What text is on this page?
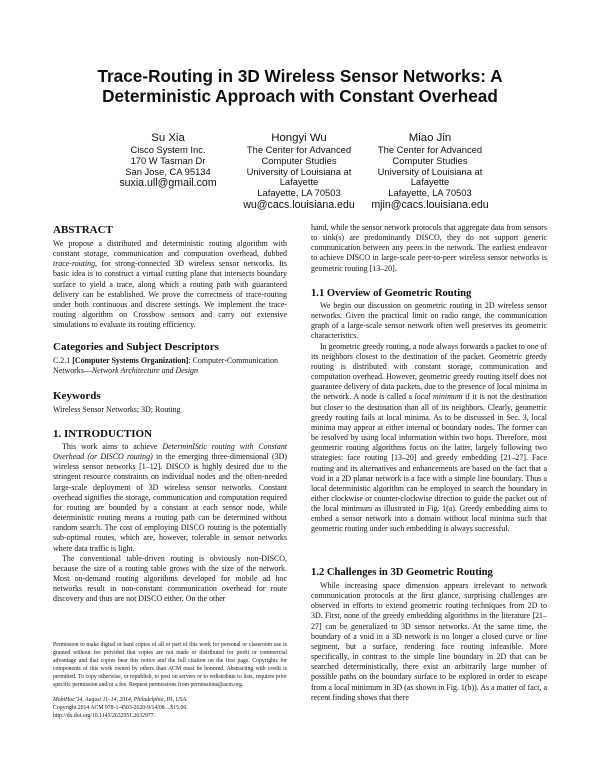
Trace-Routing in 3D Wireless Sensor Networks: A
Deterministic Approach with Constant Overhead
Su Xia
Cisco System Inc.
170 W Tasman Dr
San Jose, CA 95134
suxia.ull@gmail.com
Hongyi Wu
The Center for Advanced
Computer Studies
University of Louisiana at
Lafayette
Lafayette, LA 70503
wu@cacs.louisiana.edu
Miao Jin
The Center for Advanced
Computer Studies
University of Louisiana at
Lafayette
Lafayette, LA 70503
mjin@cacs.louisiana.edu
ABSTRACT

We propose a distributed and deterministic routing algorithm with constant storage, communication and computation overhead, dubbed trace-routing, for strong-connected 3D wireless sensor networks. Its basic idea is to construct a virtual cutting plane that intersects boundary surface to yield a trace, along which a routing path with guaranteed delivery can be established. We prove the correctness of trace-routing under both continuous and discrete settings. We implement the trace-routing algorithm on Crossbow sensors and carry out extensive simulations to evaluate its routing efficiency.

Categories and Subject Descriptors

C.2.1 [Computer Systems Organization]: Computer-Communication Networks—Network Architecture and Design

Keywords

Wireless Sensor Networks; 3D; Routing

1. INTRODUCTION

This work aims to achieve DeterminIStic routing with Constant Overhead (or DISCO routing) in the emerging three-dimensional (3D) wireless sensor networks [1–12]. DISCO is highly desired due to the stringent resource constraints on individual nodes and the often-needed large-scale deployment of 3D wireless sensor networks. Constant overhead signifies the storage, communication and computation required for routing are bounded by a constant at each sensor node, while deterministic routing means a routing path can be determined without random search. The cost of employing DISCO routing is the potentially sub-optimal routes, which are, however, tolerable in sensor networks where data traffic is light.

The conventional table-driven routing is obviously non-DISCO, because the size of a routing table grows with the size of the network. Most on-demand routing algorithms developed for mobile ad hoc networks result in non-constant communication overhead for route discovery and thus are not DISCO either. On the other

Permission to make digital or hard copies of all or part of this work for personal or classroom use is granted without fee provided that copies are not made or distributed for profit or commercial advantage and that copies bear this notice and the full citation on the first page. Copyrights for components of this work owned by others than ACM must be honored. Abstracting with credit is permitted. To copy otherwise, or republish, to post on servers or to redistribute to lists, requires prior specific permission and/or a fee. Request permissions from permissions@acm.org.
MobiHoc’14, August 11–14, 2014, Philadelphia, PA, USA.
Copyright 2014 ACM 978-1-4503-2620-9/14/08 ...$15.00.
http://dx.doi.org/10.1145/2632951.2632977.

hand, while the sensor network protocols that aggregate data from sensors to sink(s) are predominantly DISCO, they do not support generic communication between any peers in the network. The earliest endeavor to achieve DISCO in large-scale peer-to-peer wireless sensor networks is geometric routing [13–20].

1.1 Overview of Geometric Routing

We begin our discussion on geometric routing in 2D wireless sensor networks. Given the practical limit on radio range, the communication graph of a large-scale sensor network often well preserves its geometric characteristics.

In geometric greedy routing, a node always forwards a packet to one of its neighbors closest to the destination of the packet. Geometric greedy routing is distributed with constant storage, communication and computation overhead. However, geometric greedy routing itself does not guarantee delivery of data packets, due to the presence of local minima in the network. A node is called a local minimum if it is not the destination but closer to the destination than all of its neighbors. Clearly, geometric greedy routing fails at local minima. As to be discussed in Sec. 3, local minima may appear at either internal or boundary nodes. The former can be resolved by using local information within two hops. Therefore, most geometric routing algorithms focus on the latter, largely following two strategies: face routing [13–20] and greedy embedding [21–27]. Face routing and its alternatives and enhancements are based on the fact that a void in a 2D planar network is a face with a simple line boundary. Thus a local deterministic algorithm can be employed to search the boundary in either clockwise or counter-clockwise direction to guide the packet out of the local minimum as illustrated in Fig. 1(a). Greedy embedding aims to embed a sensor network into a domain without local minima such that geometric routing under such embedding is always successful.

1.2 Challenges in 3D Geometric Routing

While increasing space dimension appears irrelevant to network communication protocols at the first glance, surprising challenges are observed in efforts to extend geometric routing techniques from 2D to 3D. First, none of the greedy embedding algorithms in the literature [21–27] can be generalized to 3D sensor networks. At the same time, the boundary of a void in a 3D network is no longer a closed curve or line segment, but a surface, rendering face routing infeasible. More specifically, in contrast to the simple line boundary in 2D that can be searched deterministically, there exist an arbitrarily large number of possible paths on the boundary surface to be explored in order to escape from a local minimum in 3D (as shown in Fig. 1(b)). As a matter of fact, a recent finding shows that there
